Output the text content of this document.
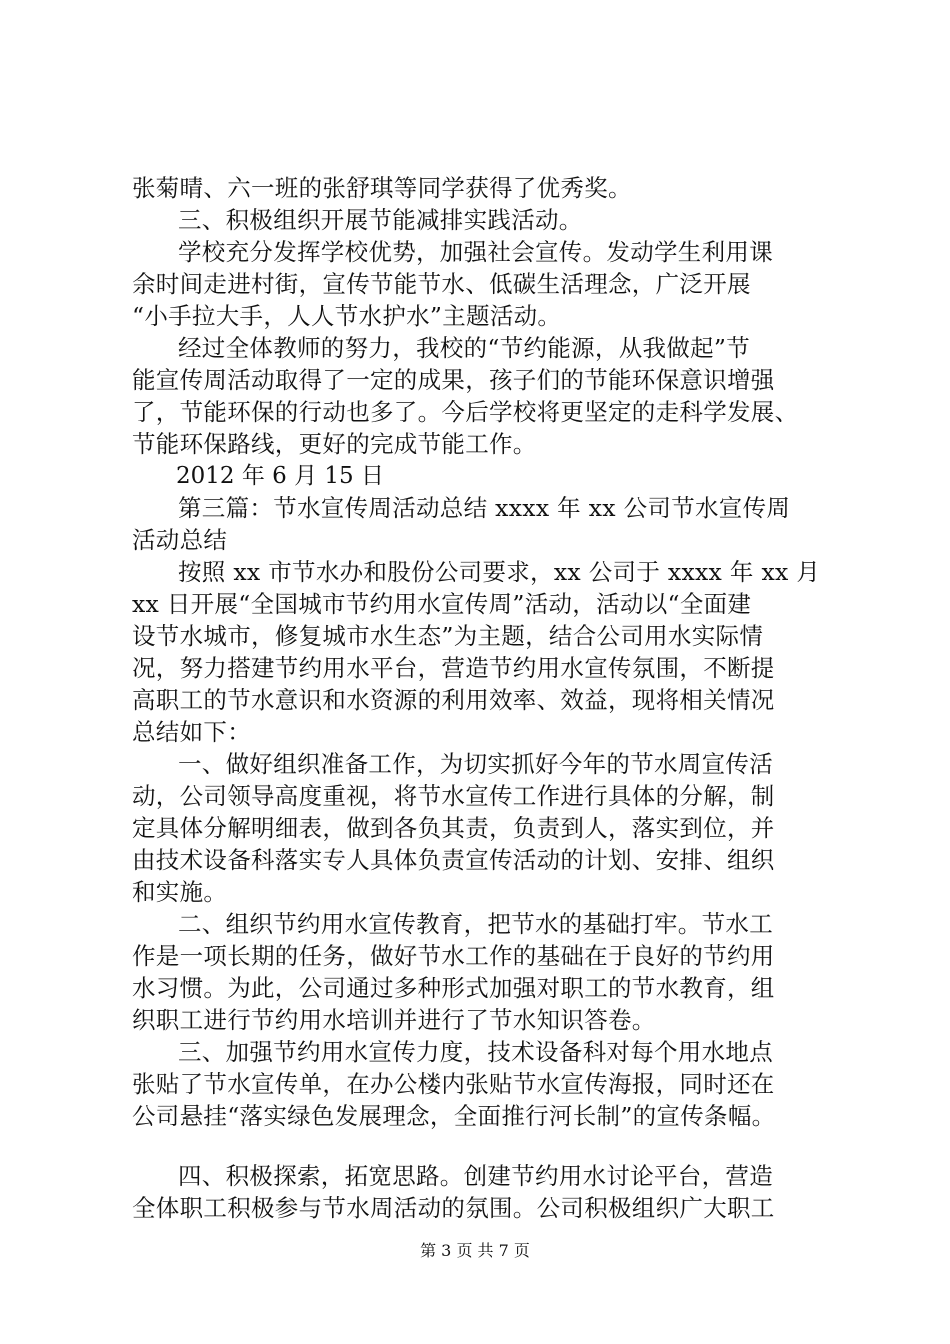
张菊晴、六一班的张舒琪等同学获得了优秀奖。
三、积极组织开展节能减排实践活动。
学校充分发挥学校优势，加强社会宣传。发动学生利用课
余时间走进村街，宣传节能节水、低碳生活理念，广泛开展
“小手拉大手，人人节水护水”主题活动。
经过全体教师的努力，我校的“节约能源，从我做起”节
能宣传周活动取得了一定的成果，孩子们的节能环保意识增强
了，节能环保的行动也多了。今后学校将更坚定的走科学发展、
节能环保路线，更好的完成节能工作。
2012 年 6 月 15 日
第三篇：节水宣传周活动总结 xxxx 年 xx 公司节水宣传周
活动总结
按照 xx 市节水办和股份公司要求，xx 公司于 xxxx 年 xx 月
xx 日开展“全国城市节约用水宣传周”活动，活动以“全面建
设节水城市，修复城市水生态”为主题，结合公司用水实际情
况，努力搭建节约用水平台，营造节约用水宣传氛围，不断提
高职工的节水意识和水资源的利用效率、效益，现将相关情况
总结如下：
一、做好组织准备工作，为切实抓好今年的节水周宣传活
动，公司领导高度重视，将节水宣传工作进行具体的分解，制
定具体分解明细表，做到各负其责，负责到人，落实到位，并
由技术设备科落实专人具体负责宣传活动的计划、安排、组织
和实施。
二、组织节约用水宣传教育，把节水的基础打牢。节水工
作是一项长期的任务，做好节水工作的基础在于良好的节约用
水习惯。为此，公司通过多种形式加强对职工的节水教育，组
织职工进行节约用水培训并进行了节水知识答卷。
三、加强节约用水宣传力度，技术设备科对每个用水地点
张贴了节水宣传单，在办公楼内张贴节水宣传海报，同时还在
公司悬挂“落实绿色发展理念，全面推行河长制”的宣传条幅。
四、积极探索，拓宽思路。创建节约用水讨论平台，营造
全体职工积极参与节水周活动的氛围。公司积极组织广大职工
第 3 页 共 7 页
